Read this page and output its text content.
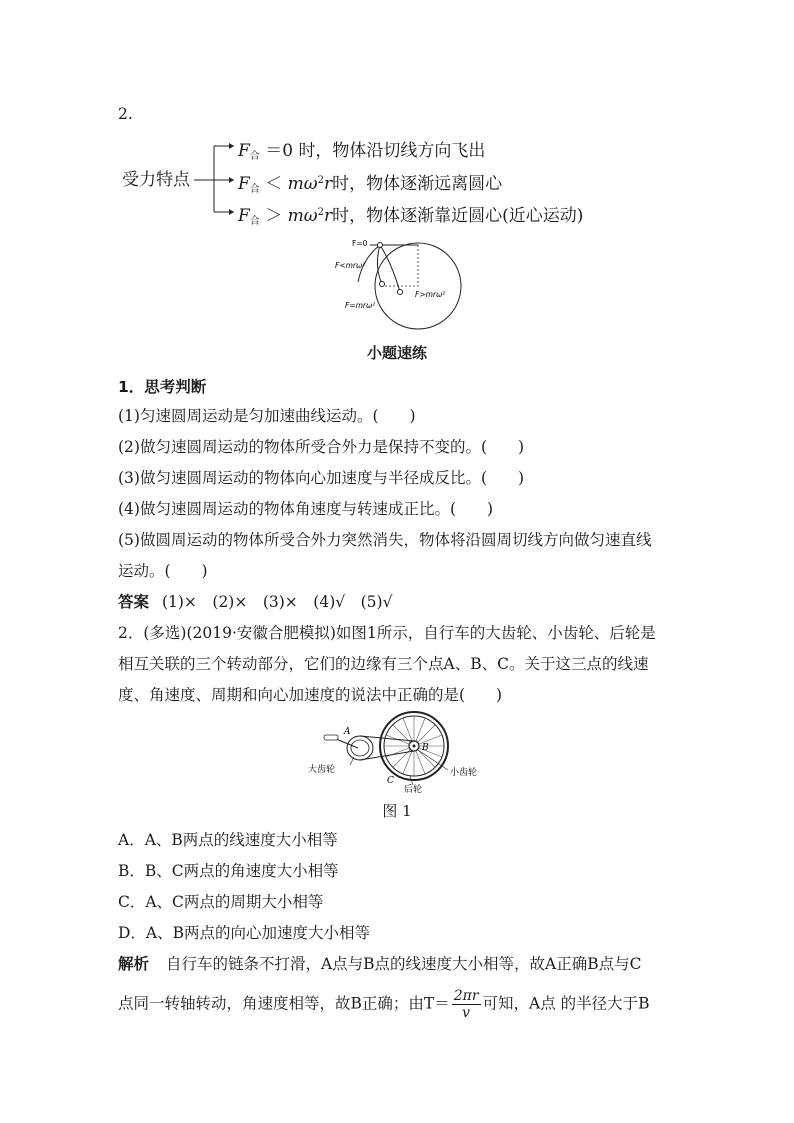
2.
受力特点
$F_合 =0$ 时，物体沿切线方向飞出
$F_合 < m\omega^2r$时，物体逐渐远离圆心
$F_合 > m\omega^2r$时，物体逐渐靠近圆心(近心运动)
F=0
F<mrω²
F>mrω²
F=mrω²
小题速练
1．思考判断
(1)匀速圆周运动是匀加速曲线运动。(　　)
(2)做匀速圆周运动的物体所受合外力是保持不变的。(　　)
(3)做匀速圆周运动的物体向心加速度与半径成反比。(　　)
(4)做匀速圆周运动的物体角速度与转速成正比。(　　)
(5)做圆周运动的物体所受合外力突然消失，物体将沿圆周切线方向做匀速直线
运动。(　　)
答案 (1)×　(2)×　(3)×　(4)√　(5)√
2．(多选)(2019·安徽合肥模拟)如图1所示，自行车的大齿轮、小齿轮、后轮是
相互关联的三个转动部分，它们的边缘有三个点A、B、C。关于这三点的线速
度、角速度、周期和向心加速度的说法中正确的是(　　)
A
B
C
大齿轮	小齿轮
后轮
图 1
A．A、B两点的线速度大小相等
B．B、C两点的角速度大小相等
C．A、C两点的周期大小相等
D．A、B两点的向心加速度大小相等
解析 自行车的链条不打滑，A点与B点的线速度大小相等，故A正确B点与C
点同一转轴转动，角速度相等，故B正确；由$T= \frac{2\pi r}{v}$ 可知，A点 的半径大于B
